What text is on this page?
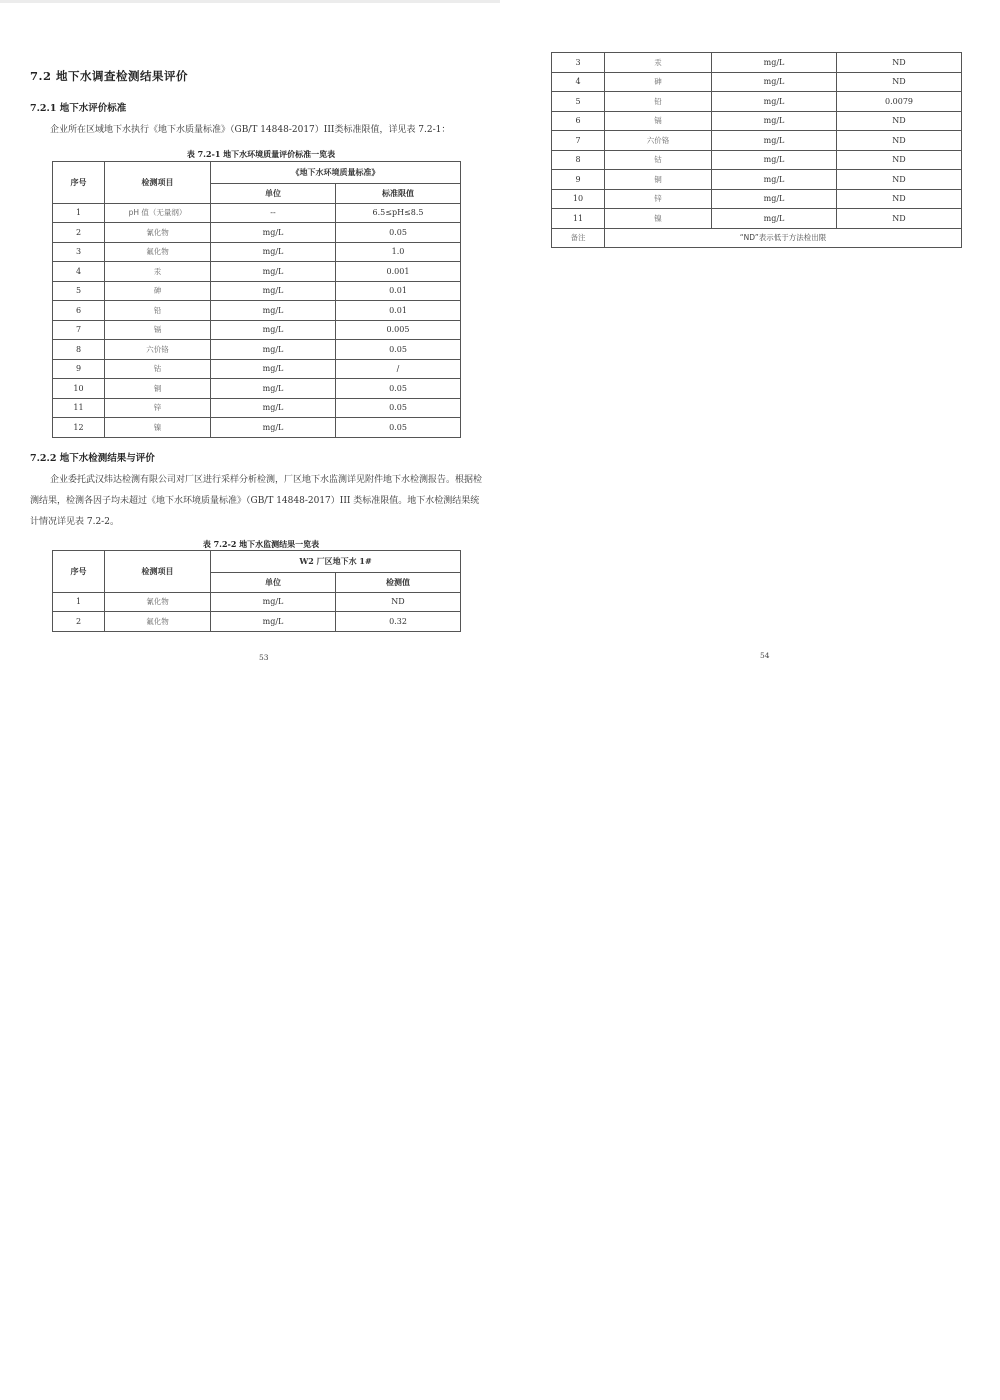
7.2 地下水调查检测结果评价
7.2.1 地下水评价标准
企业所在区域地下水执行《地下水质量标准》（GB/T 14848-2017）III类标准限值，详见表 7.2-1：
表 7.2-1 地下水环境质量评价标准一览表
序号	检测项目	《地下水环境质量标准》	
		单位	标准限值
1	pH 值（无量纲）	--	6.5≤pH≤8.5
2	氰化物	mg/L	0.05
3	氟化物	mg/L	1.0
4	汞	mg/L	0.001
5	砷	mg/L	0.01
6	铅	mg/L	0.01
7	镉	mg/L	0.005
8	六价铬	mg/L	0.05
9	钴	mg/L	/
10	铜	mg/L	0.05
11	锌	mg/L	0.05
12	镍	mg/L	0.05
7.2.2 地下水检测结果与评价
企业委托武汉炜达检测有限公司对厂区进行采样分析检测，厂区地下水监测详见附件地下水检测报告。根据检测结果，检测各因子均未超过《地下水环境质量标准》（GB/T 14848-2017）III 类标准限值。地下水检测结果统计情况详见表 7.2-2。
表 7.2-2 地下水监测结果一览表
序号	检测项目	W2 厂区地下水 1#	
		单位	检测值
1	氰化物	mg/L	ND
2	氟化物	mg/L	0.32
53
3	汞	mg/L	ND
4	砷	mg/L	ND
5	铅	mg/L	0.0079
6	镉	mg/L	ND
7	六价铬	mg/L	ND
8	钴	mg/L	ND
9	铜	mg/L	ND
10	锌	mg/L	ND
11	镍	mg/L	ND
备注	“ND”表示低于方法检出限		
54
